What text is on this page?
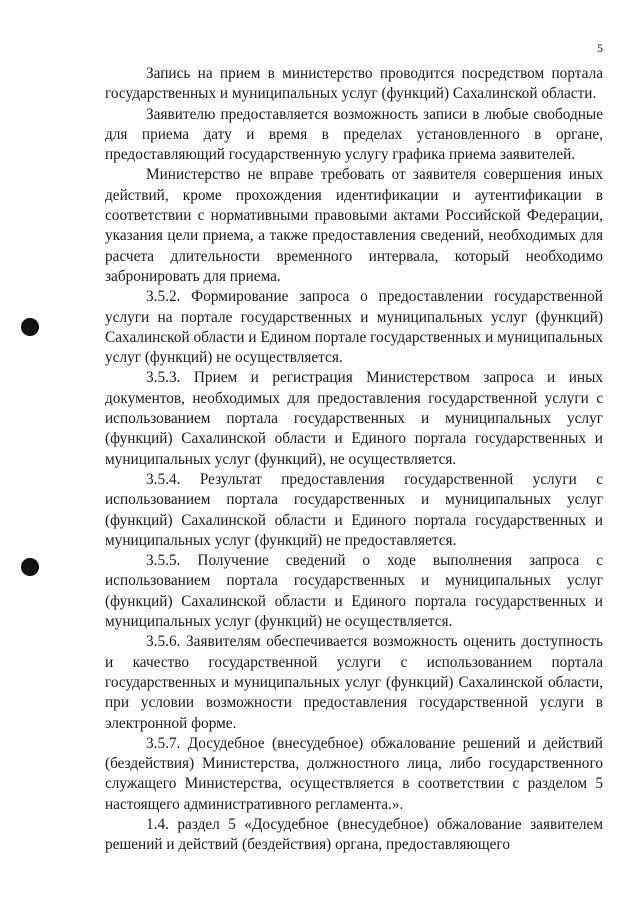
5

Запись на прием в министерство проводится посредством портала государственных и муниципальных услуг (функций) Сахалинской области.

Заявителю предоставляется возможность записи в любые свободные для приема дату и время в пределах установленного в органе, предоставляющий государственную услугу графика приема заявителей.

Министерство не вправе требовать от заявителя совершения иных действий, кроме прохождения идентификации и аутентификации в соответствии с нормативными правовыми актами Российской Федерации, указания цели приема, а также предоставления сведений, необходимых для расчета длительности временного интервала, который необходимо забронировать для приема.

3.5.2. Формирование запроса о предоставлении государственной услуги на портале государственных и муниципальных услуг (функций) Сахалинской области и Едином портале государственных и муниципальных услуг (функций) не осуществляется.

3.5.3. Прием и регистрация Министерством запроса и иных документов, необходимых для предоставления государственной услуги с использованием портала государственных и муниципальных услуг (функций) Сахалинской области и Единого портала государственных и муниципальных услуг (функций), не осуществляется.

3.5.4. Результат предоставления государственной услуги с использованием портала государственных и муниципальных услуг (функций) Сахалинской области и Единого портала государственных и муниципальных услуг (функций) не предоставляется.

3.5.5. Получение сведений о ходе выполнения запроса с использованием портала государственных и муниципальных услуг (функций) Сахалинской области и Единого портала государственных и муниципальных услуг (функций) не осуществляется.

3.5.6. Заявителям обеспечивается возможность оценить доступность и качество государственной услуги с использованием портала государственных и муниципальных услуг (функций) Сахалинской области, при условии возможности предоставления государственной услуги в электронной форме.

3.5.7. Досудебное (внесудебное) обжалование решений и действий (бездействия) Министерства, должностного лица, либо государственного служащего Министерства, осуществляется в соответствии с разделом 5 настоящего административного регламента.».

1.4. раздел 5 «Досудебное (внесудебное) обжалование заявителем решений и действий (бездействия) органа, предоставляющего
